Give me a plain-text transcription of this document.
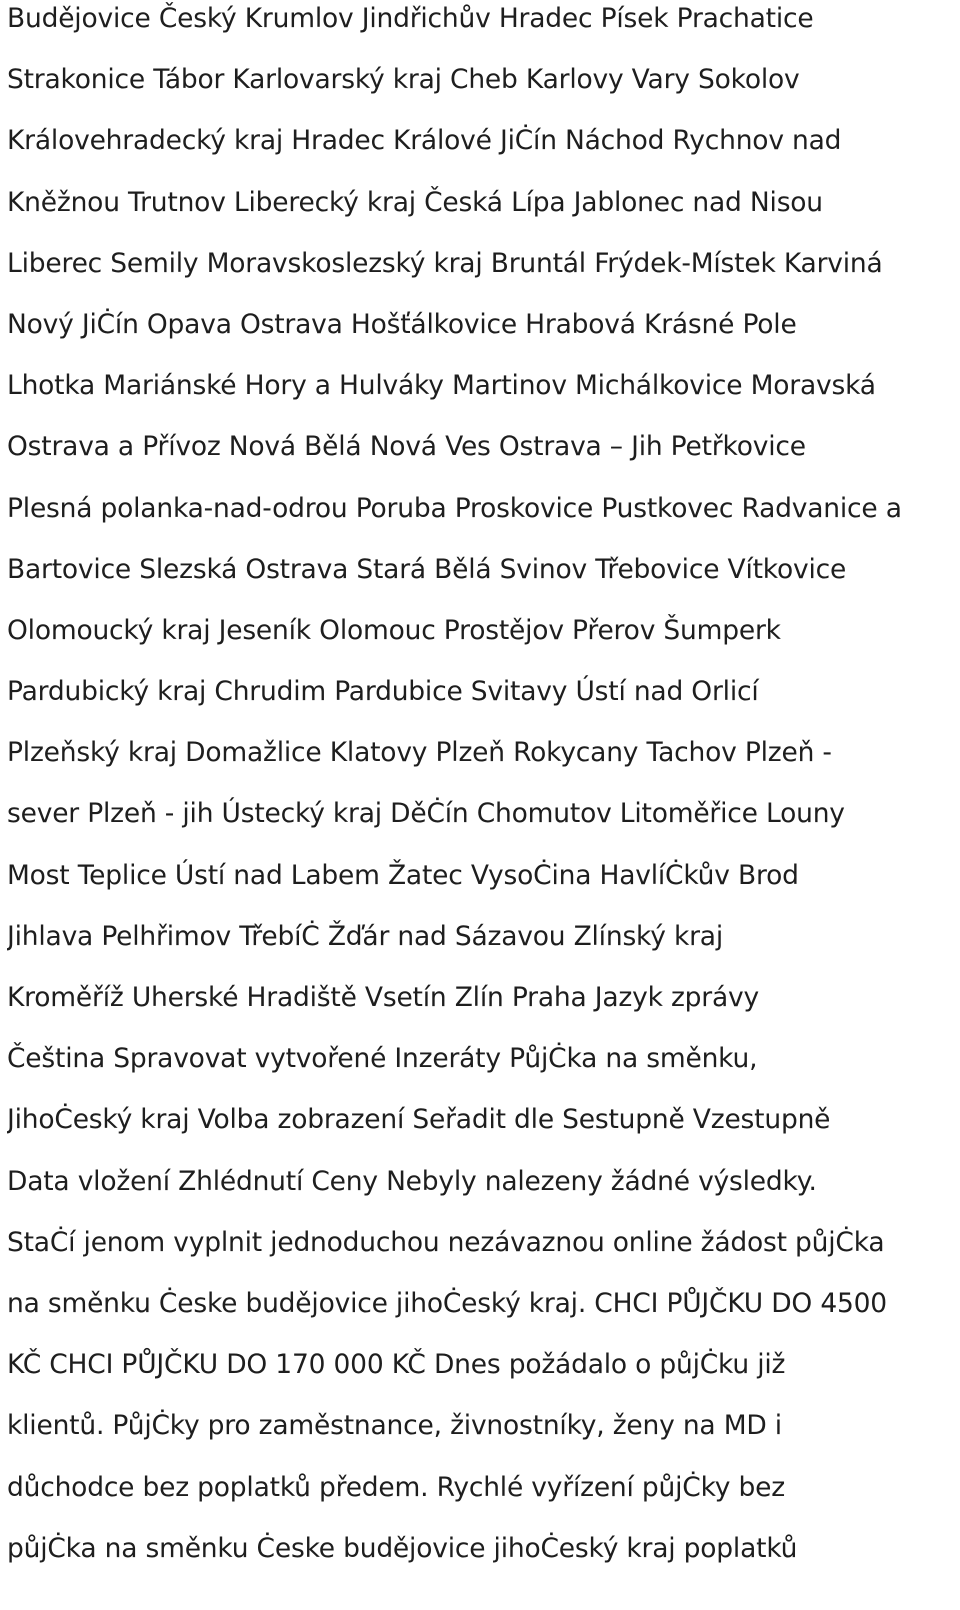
Budějovice Český Krumlov Jindřichův Hradec Písek Prachatice
Strakonice Tábor Karlovarský kraj Cheb Karlovy Vary Sokolov
Královehradecký kraj Hradec Králové JiĊín Náchod Rychnov nad
Kněžnou Trutnov Liberecký kraj Česká Lípa Jablonec nad Nisou
Liberec Semily Moravskoslezský kraj Bruntál Frýdek-Místek Karviná
Nový JiĊín Opava Ostrava Hošťálkovice Hrabová Krásné Pole
Lhotka Mariánské Hory a Hulváky Martinov Michálkovice Moravská
Ostrava a Přívoz Nová Bělá Nová Ves Ostrava – Jih Petřkovice
Plesná polanka-nad-odrou Poruba Proskovice Pustkovec Radvanice a
Bartovice Slezská Ostrava Stará Bělá Svinov Třebovice Vítkovice
Olomoucký kraj Jeseník Olomouc Prostějov Přerov Šumperk
Pardubický kraj Chrudim Pardubice Svitavy Ústí nad Orlicí
Plzeňský kraj Domažlice Klatovy Plzeň Rokycany Tachov Plzeň -
sever Plzeň - jih Ústecký kraj DěĊín Chomutov Litoměřice Louny
Most Teplice Ústí nad Labem Žatec VysoĊina HavlíĊkův Brod
Jihlava Pelhřimov TřebíĊ Žďár nad Sázavou Zlínský kraj
Kroměříž Uherské Hradiště Vsetín Zlín Praha Jazyk zprávy
Čeština Spravovat vytvořené Inzeráty PůjĊka na směnku,
JihoĊeský kraj Volba zobrazení Seřadit dle Sestupně Vzestupně
Data vložení Zhlédnutí Ceny Nebyly nalezeny žádné výsledky.
StaĊí jenom vyplnit jednoduchou nezávaznou online žádost půjĊka
na směnku Ċeske budějovice jihoĊeský kraj. CHCI PŮJČKU DO 4500
KČ CHCI PŮJČKU DO 170 000 KČ Dnes požádalo o půjĊku již
klientů. PůjĊky pro zaměstnance, živnostníky, ženy na MD i
důchodce bez poplatků předem. Rychlé vyřízení půjĊky bez
půjĊka na směnku Ċeske budějovice jihoĊeský kraj poplatků
